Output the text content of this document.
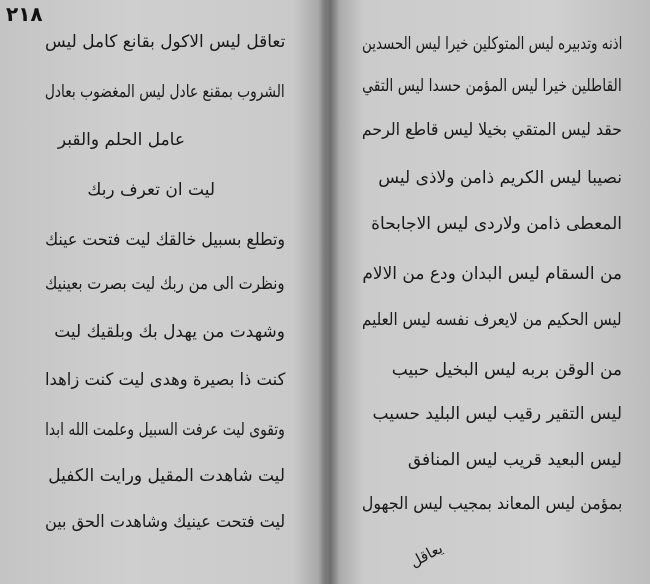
۲۱۸
تعاقل ليس الاكول بقانع كامل ليس
الشروب بمقنع عادل ليس المغضوب بعادل
عامل الحلم والقبر
ليت ان تعرف ربك
وتطلع بسبيل خالقك ليت فتحت عينك
ونظرت الى من ربك ليت بصرت بعينيك
وشهدت من يهدل بك وبلقيك ليت
كنت ذا بصيرة وهدى ليت كنت زاهدا
وتقوى ليت عرفت السبيل وعلمت الله ابدا
ليت شاهدت المقيل ورايت الكفيل
ليت فتحت عينيك وشاهدت الحق بين
اذنه وتدبيره ليس المتوكلين خيرا ليس الحسدين
القاطلين خيرا ليس المؤمن حسدا ليس التقي
حقد ليس المتقي بخيلا ليس قاطع الرحم
نصيبا ليس الكريم ذامن ولاذى ليس
المعطى ذامن ولاردى ليس الاجابحاة
من السقام ليس البدان ودع من الالام
ليس الحكيم من لايعرف نفسه ليس العليم
من الوقن بربه ليس البخيل حبيب
ليس التقير رقيب ليس البليد حسيب
ليس البعيد قريب ليس المنافق
بمؤمن ليس المعاند بمجيب ليس الجهول
يعاقل
